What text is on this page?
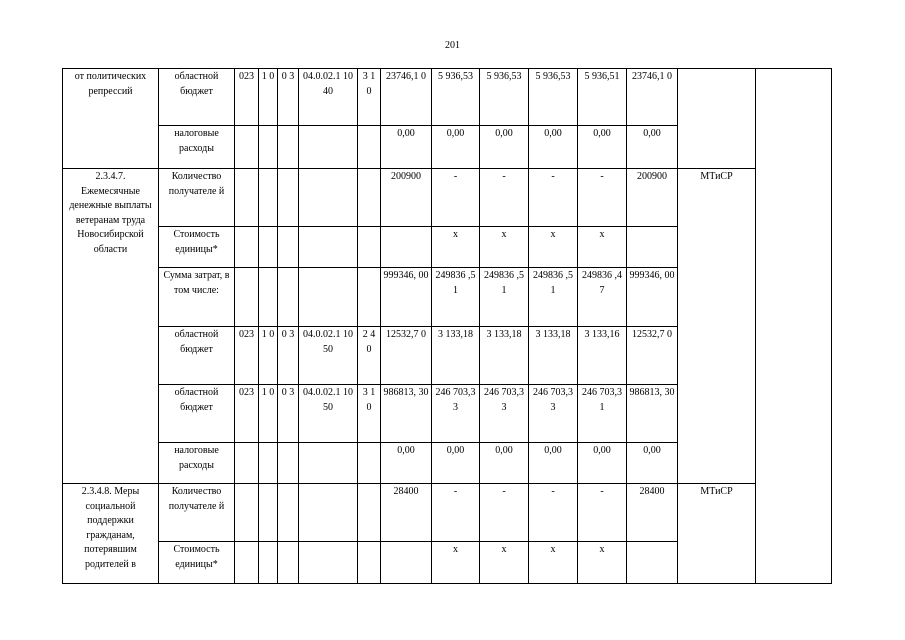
201
от политических репрессий	областной бюджет	023	1 0	0 3	04.0.02.1 1040	3 1 0	23746,1 0	5 936,53	5 936,53	5 936,53	5 936,51	23746,1 0		
	налоговые расходы						0,00	0,00	0,00	0,00	0,00	0,00		
2.3.4.7. Ежемесячные денежные выплаты ветеранам труда Новосибирской области	Количество получателе й						200900	-	-	-	-	200900	МТиСР	
	Стоимость единицы*							х	х	х	х			
	Сумма затрат, в том числе:						999346, 00	249836 ,51	249836 ,51	249836 ,51	249836 ,47	999346, 00		
	областной бюджет	023	1 0	0 3	04.0.02.1 1050	2 4 0	12532,7 0	3 133,18	3 133,18	3 133,18	3 133,16	12532,7 0		
	областной бюджет	023	1 0	0 3	04.0.02.1 1050	3 1 0	986813, 30	246 703,33	246 703,33	246 703,33	246 703,31	986813, 30		
	налоговые расходы						0,00	0,00	0,00	0,00	0,00	0,00		
2.3.4.8. Меры социальной поддержки гражданам, потерявшим родителей в	Количество получателе й						28400	-	-	-	-	28400	МТиСР	
	Стоимость единицы*							х	х	х	х			
